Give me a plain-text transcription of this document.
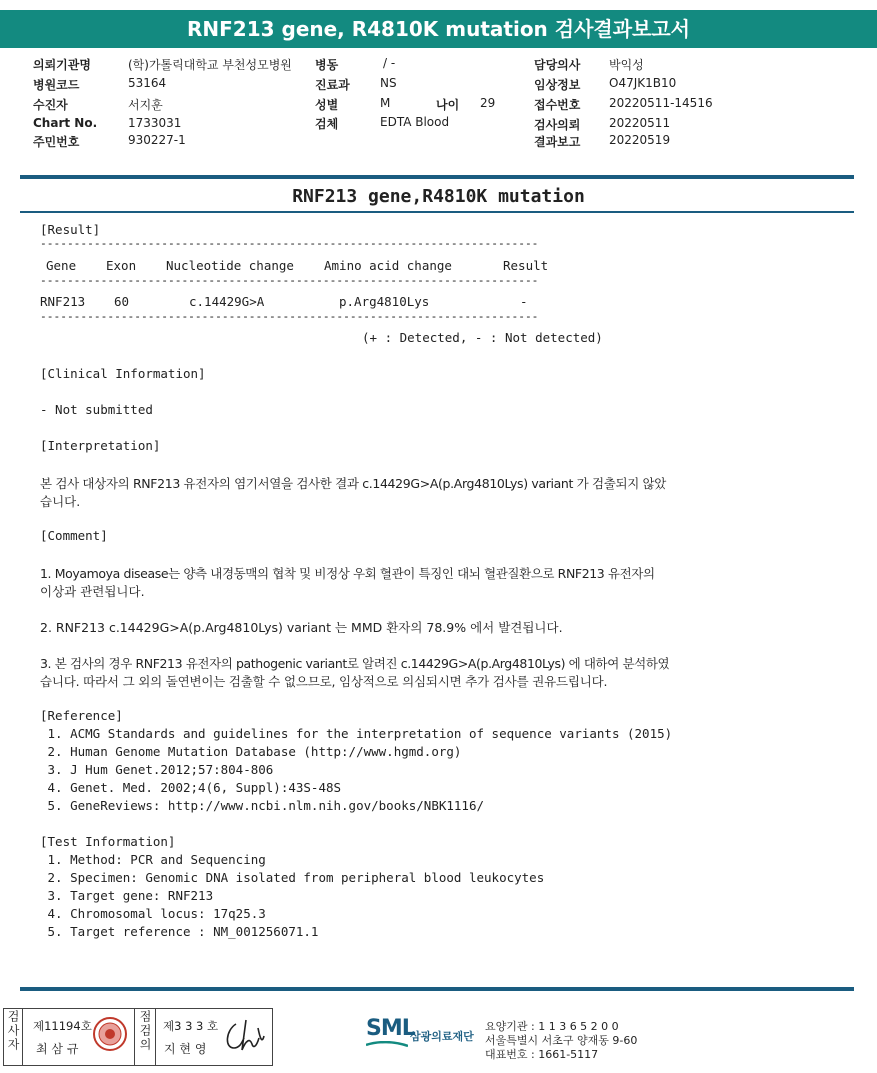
RNF213 gene, R4810K mutation 검사결과보고서
의뢰기관명	(학)가톨릭대학교 부천성모병원
병원코드	53164
수진자	서지훈
Chart No.	1733031
주민번호	930227-1
병동	/ -
진료과	NS
성별	M	나이 29
검체	EDTA Blood
담당의사 박익성
임상정보 O47JK1B10
접수번호 20220511-14516
검사의뢰 20220511
결과보고 20220519
RNF213 gene,R4810K mutation
[Result]
--------------------------------------------------------------------------
Gene Exon Nucleotide change Amino acid change	Result
--------------------------------------------------------------------------
RNF213 60	c.14429G>A	p.Arg4810Lys	-
--------------------------------------------------------------------------
(+ : Detected, - : Not detected)
[Clinical Information]
- Not submitted
[Interpretation]
본 검사 대상자의 RNF213 유전자의 염기서열을 검사한 결과 c.14429G>A(p.Arg4810Lys) variant 가 검출되지 않았
습니다.
[Comment]
1. Moyamoya disease는 양측 내경동맥의 협착 및 비정상 우회 혈관이 특징인 대뇌 혈관질환으로 RNF213 유전자의
이상과 관련됩니다.
2. RNF213 c.14429G>A(p.Arg4810Lys) variant 는 MMD 환자의 78.9% 에서 발견됩니다.
3. 본 검사의 경우 RNF213 유전자의 pathogenic variant로 알려진 c.14429G>A(p.Arg4810Lys) 에 대하여 분석하였
습니다. 따라서 그 외의 돌연변이는 검출할 수 없으므로, 임상적으로 의심되시면 추가 검사를 권유드립니다.
[Reference]
1. ACMG Standards and guidelines for the interpretation of sequence variants (2015)
2. Human Genome Mutation Database (http://www.hgmd.org)
3. J Hum Genet.2012;57:804-806
4. Genet. Med. 2002;4(6, Suppl):43S-48S
5. GeneReviews: http://www.ncbi.nlm.nih.gov/books/NBK1116/
[Test Information]
1. Method: PCR and Sequencing
2. Specimen: Genomic DNA isolated from peripheral blood leukocytes
3. Target gene: RNF213
4. Chromosomal locus: 17q25.3
5. Target reference : NM_001256071.1
검사자 제11194호
최 삼 규	점검의 제3 3 3 호
지 현 영
SML
삼광의료재단
요양기관 : 1 1 3 6 5 2 0 0
서울특별시 서초구 양재동 9-60
대표번호 : 1661-5117
